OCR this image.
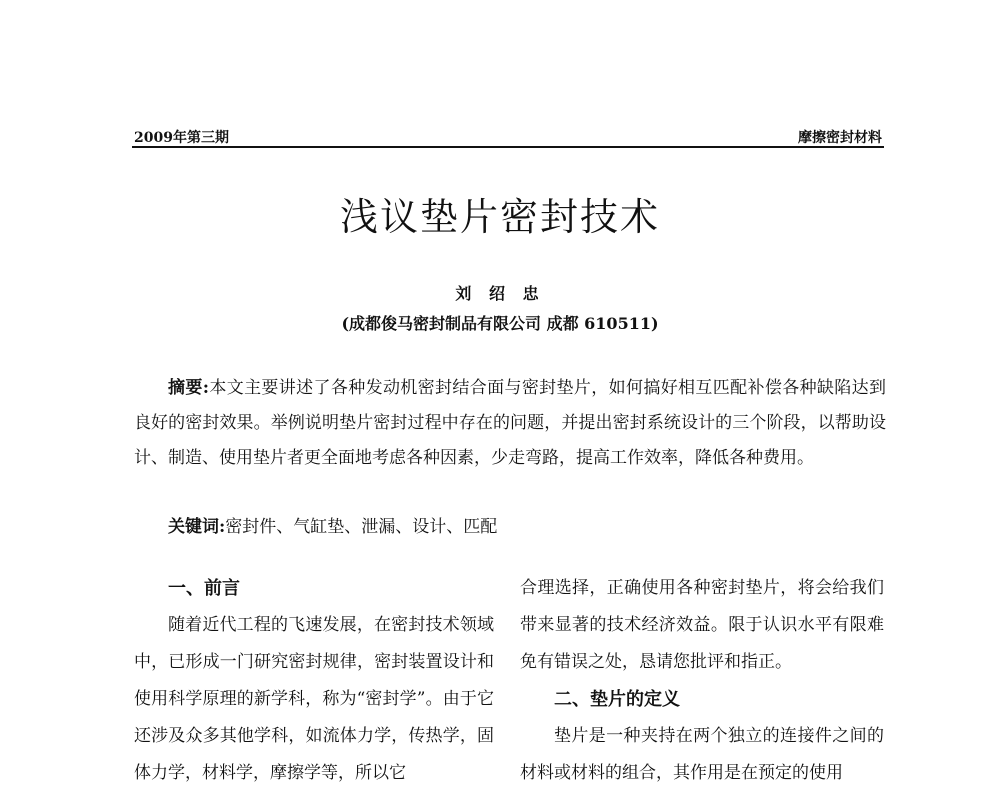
2009年第三期	摩擦密封材料
浅议垫片密封技术
刘 绍 忠
(成都俊马密封制品有限公司 成都 610511)
摘要:本文主要讲述了各种发动机密封结合面与密封垫片，如何搞好相互匹配补偿各种缺陷达到良好的密封效果。举例说明垫片密封过程中存在的问题，并提出密封系统设计的三个阶段，以帮助设计、制造、使用垫片者更全面地考虑各种因素，少走弯路，提高工作效率，降低各种费用。
关键词:密封件、气缸垫、泄漏、设计、匹配

一、前言

随着近代工程的飞速发展，在密封技术领域中，已形成一门研究密封规律，密封装置设计和使用科学原理的新学科，称为“密封学”。由于它还涉及众多其他学科，如流体力学，传热学，固体力学，材料学，摩擦学等，所以它

合理选择，正确使用各种密封垫片，将会给我们带来显著的技术经济效益。限于认识水平有限难免有错误之处，恳请您批评和指正。

二、垫片的定义

垫片是一种夹持在两个独立的连接件之间的材料或材料的组合，其作用是在预定的使用
